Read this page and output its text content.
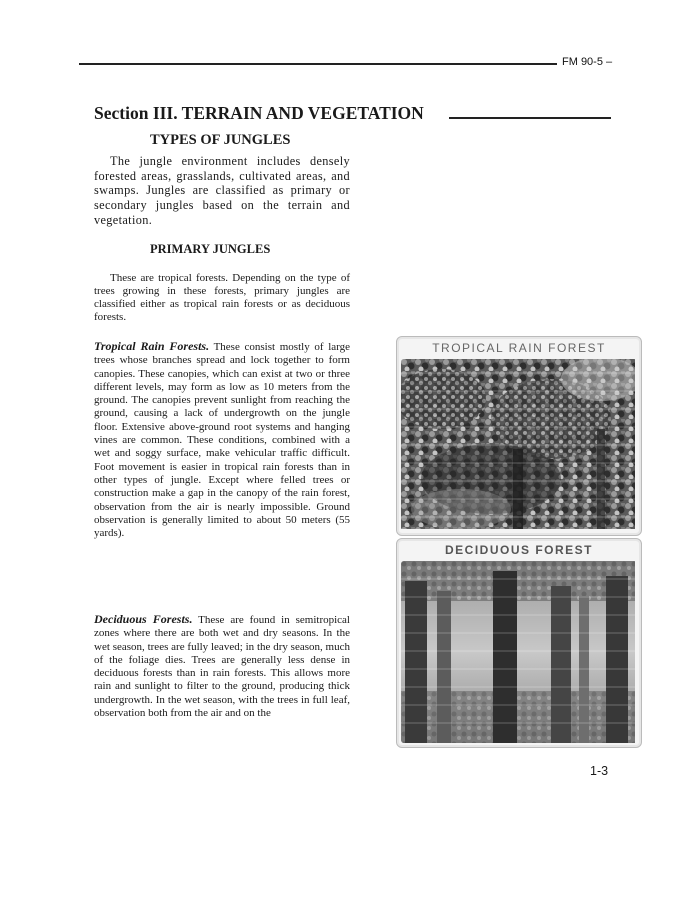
FM 90-5 –
Section III. TERRAIN AND VEGETATION
TYPES OF JUNGLES

The jungle environment includes densely forested areas, grasslands, cultivated areas, and swamps. Jungles are classified as primary or secondary jungles based on the terrain and vegetation.

PRIMARY JUNGLES

These are tropical forests. Depending on the type of trees growing in these forests, primary jungles are classified either as tropical rain forests or as deciduous forests.

Tropical Rain Forests. These consist mostly of large trees whose branches spread and lock together to form canopies. These canopies, which can exist at two or three different levels, may form as low as 10 meters from the ground. The canopies prevent sunlight from reaching the ground, causing a lack of undergrowth on the jungle floor. Extensive above-ground root systems and hanging vines are common. These conditions, combined with a wet and soggy surface, make vehicular traffic difficult. Foot movement is easier in tropical rain forests than in other types of jungle. Except where felled trees or construction make a gap in the canopy of the rain forest, observation from the air is nearly impossible. Ground observation is generally limited to about 50 meters (55 yards).

Deciduous Forests. These are found in semitropical zones where there are both wet and dry seasons. In the wet season, trees are fully leaved; in the dry season, much of the foliage dies. Trees are generally less dense in deciduous forests than in rain forests. This allows more rain and sunlight to filter to the ground, producing thick undergrowth. In the wet season, with the trees in full leaf, observation both from the air and on the

TROPICAL RAIN FOREST
DECIDUOUS FOREST
1-3
